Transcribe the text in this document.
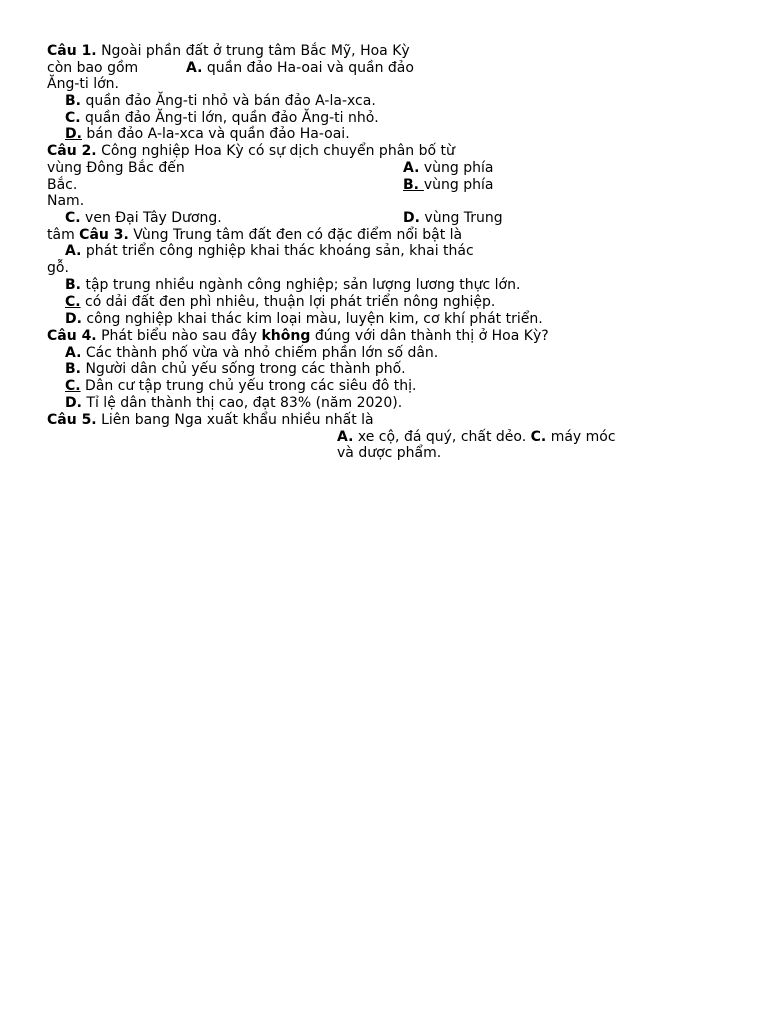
Câu 1. Ngoài phần đất ở trung tâm Bắc Mỹ, Hoa Kỳ
còn bao gồm	A. quần đảo Ha-oai và quần đảo
Ăng-ti lớn.
B. quần đảo Ăng-ti nhỏ và bán đảo A-la-xca.
C. quần đảo Ăng-ti lớn, quần đảo Ăng-ti nhỏ.
D. bán đảo A-la-xca và quần đảo Ha-oai.
Câu 2. Công nghiệp Hoa Kỳ có sự dịch chuyển phân bố từ
vùng Đông Bắc đến	A. vùng phía
Bắc.	B. vùng phía
Nam.
C. ven Đại Tây Dương.	D. vùng Trung
tâm Câu 3. Vùng Trung tâm đất đen có đặc điểm nổi bật là
A. phát triển công nghiệp khai thác khoáng sản, khai thác
gỗ.
B. tập trung nhiều ngành công nghiệp; sản lượng lương thực lớn.
C. có dải đất đen phì nhiêu, thuận lợi phát triển nông nghiệp.
D. công nghiệp khai thác kim loại màu, luyện kim, cơ khí phát triển.
Câu 4. Phát biểu nào sau đây không đúng với dân thành thị ở Hoa Kỳ?
A. Các thành phố vừa và nhỏ chiếm phần lớn số dân.
B. Người dân chủ yếu sống trong các thành phố.
C. Dân cư tập trung chủ yếu trong các siêu đô thị.
D. Tỉ lệ dân thành thị cao, đạt 83% (năm 2020).
Câu 5. Liên bang Nga xuất khẩu nhiều nhất là
A. xe cộ, đá quý, chất dẻo. C. máy móc
và dược phẩm.
